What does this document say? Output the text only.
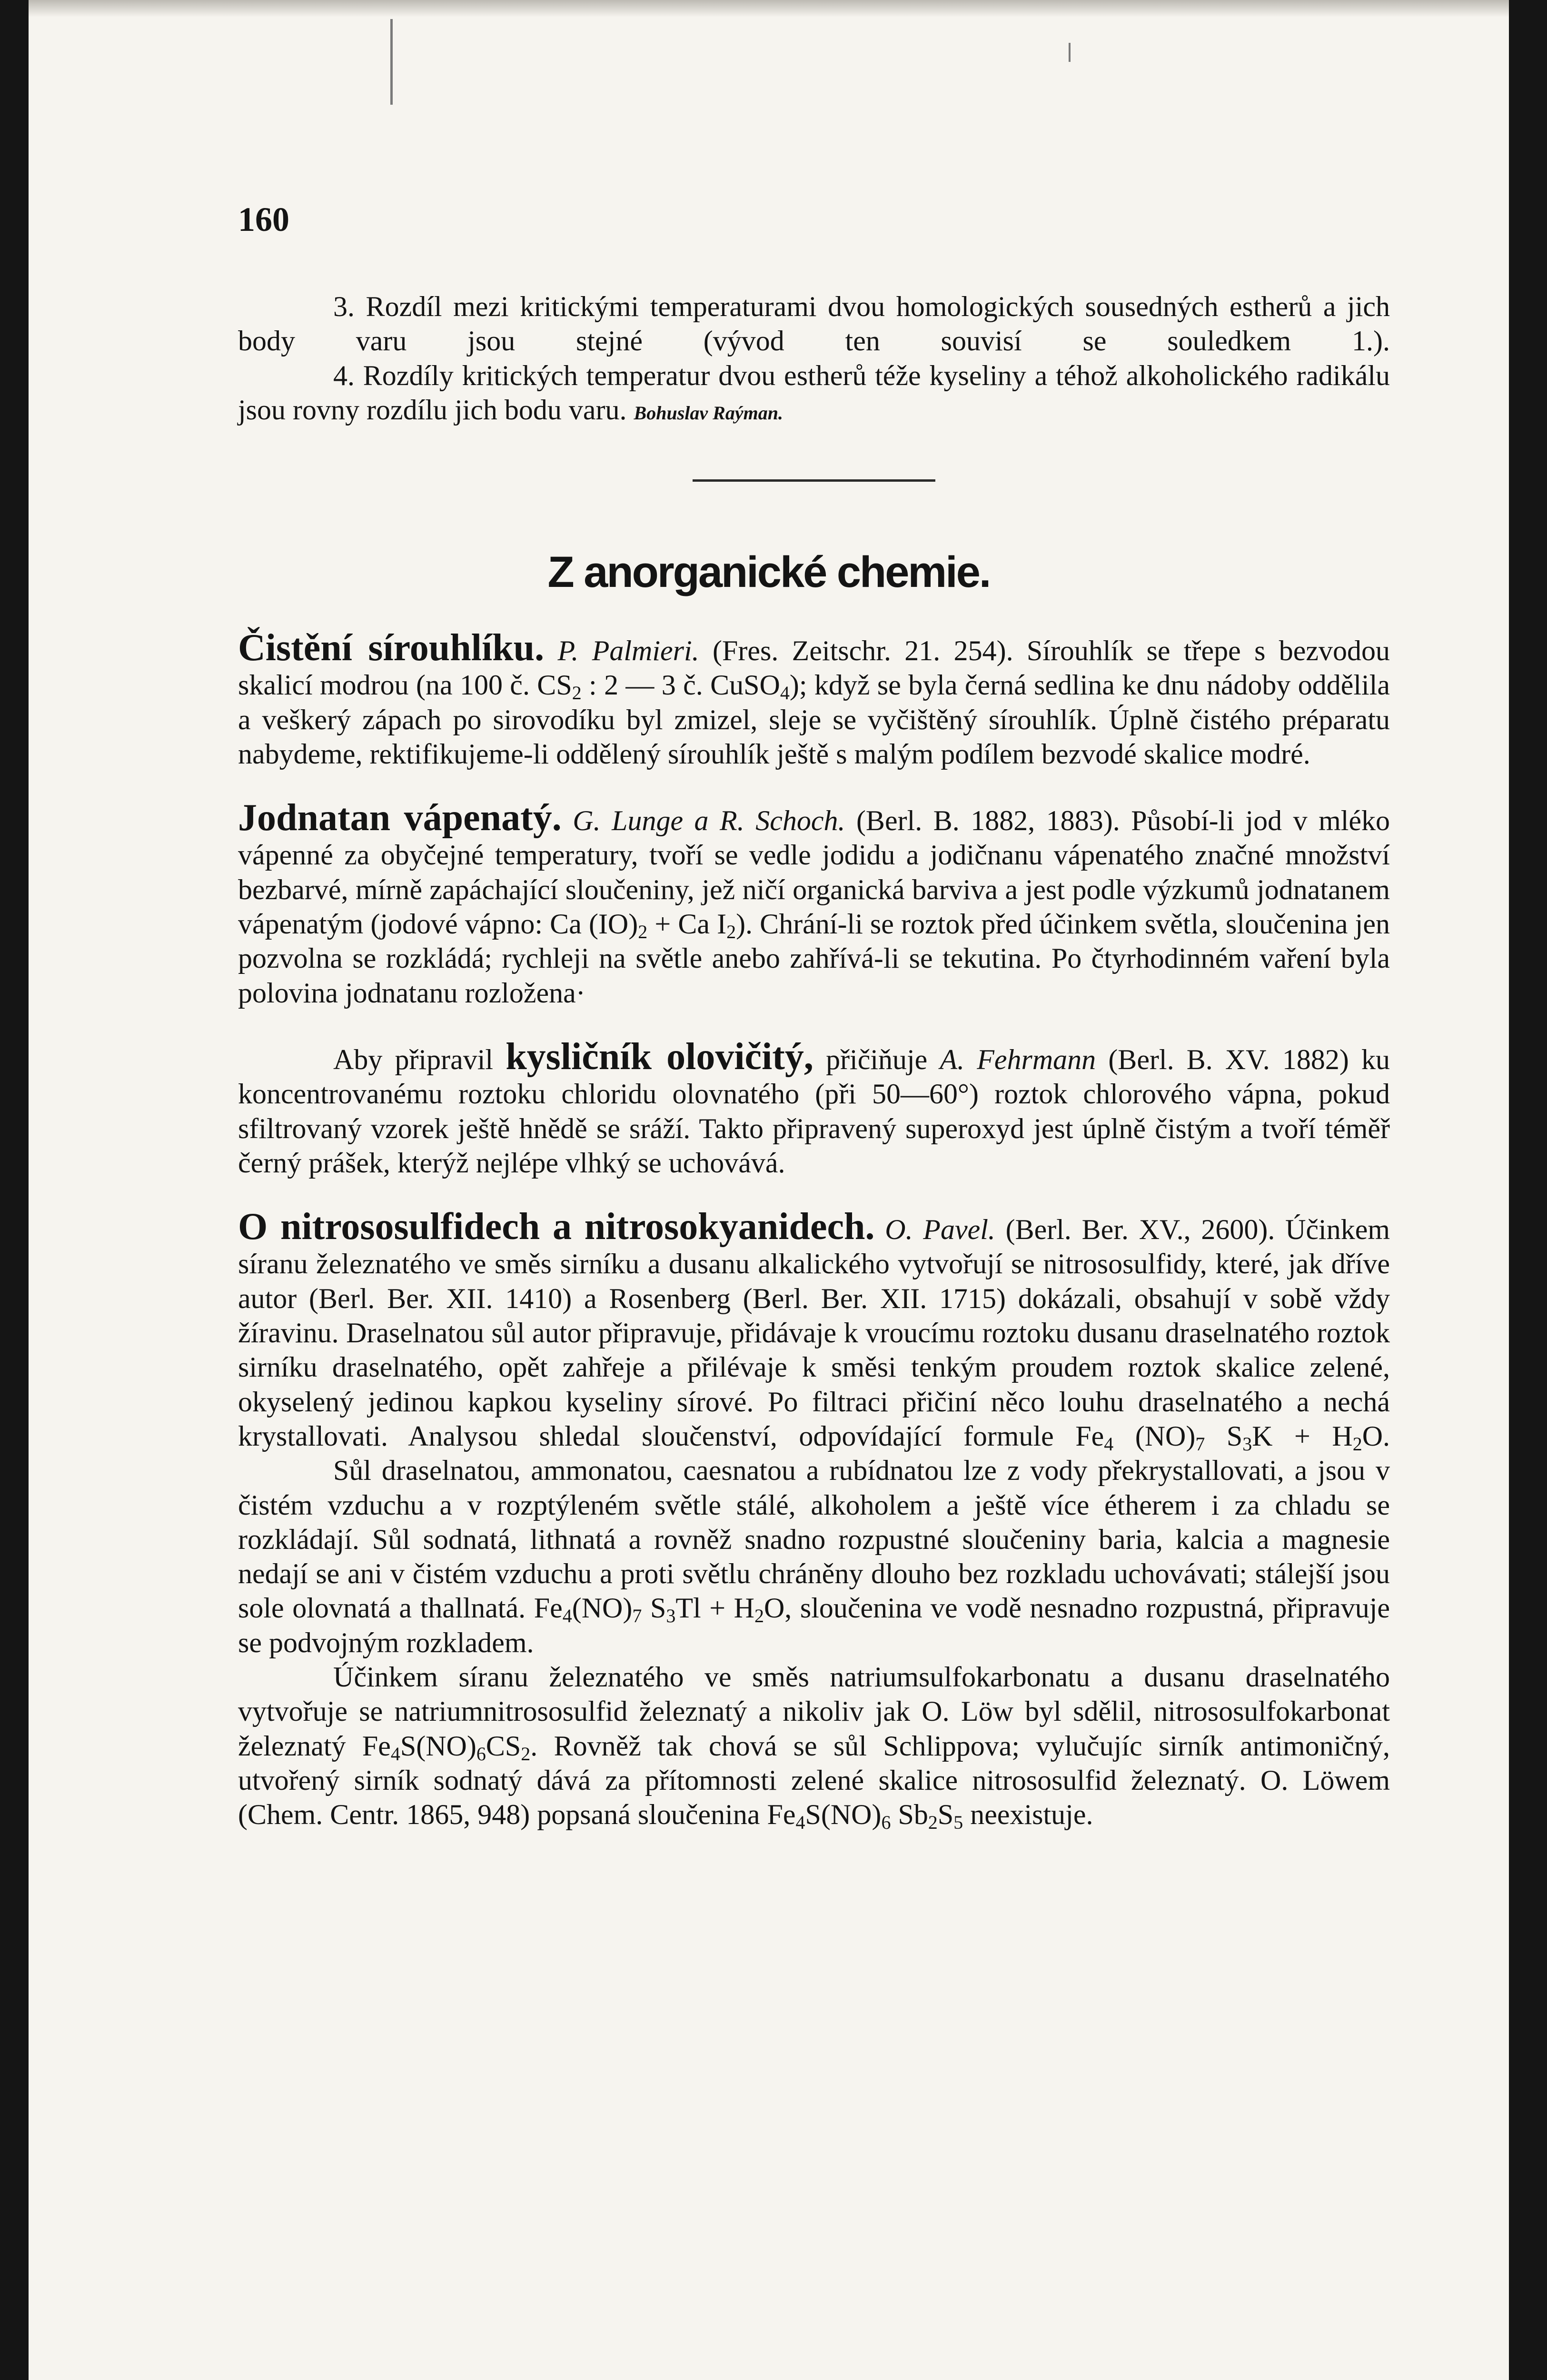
160

3. Rozdíl mezi kritickými temperaturami dvou homologických sousedných estherů a jich body varu jsou stejné (vývod ten souvisí se souledkem 1.).

4. Rozdíly kritických temperatur dvou estherů téže kyseliny a téhož alkoholického radikálu jsou rovny rozdílu jich bodu varu. Bohuslav Raýman.

Z anorganické chemie.

Čistění sírouhlíku. P. Palmieri. (Fres. Zeitschr. 21. 254). Sírouhlík se třepe s bezvodou skalicí modrou (na 100 č. $CS_2$ : 2 — 3 č. CuSO$_4$); když se byla černá sedlina ke dnu nádoby oddělila a veškerý zápach po sirovodíku byl zmizel, sleje se vyčištěný sírouhlík. Úplně čistého préparatu nabydeme, rektifikujeme-li oddělený sírouhlík ještě s malým podílem bezvodé skalice modré.

Jodnatan vápenatý. G. Lunge a R. Schoch. (Berl. B. 1882, 1883). Působí-li jod v mléko vápenné za obyčejné temperatury, tvoří se vedle jodidu a jodičnanu vápenatého značné množství bezbarvé, mírně zapáchající sloučeniny, jež ničí organická barviva a jest podle výzkumů jodnatanem vápenatým (jodové vápno: Ca $(IO)_2 + Ca$ $I_2$). Chrání-li se roztok před účinkem světla, sloučenina jen pozvolna se rozkládá; rychleji na světle anebo zahřívá-li se tekutina. Po čtyrhodinném vaření byla polovina jodnatanu rozložena·

Aby připravil kysličník olovičitý, přičiňuje A. Fehrmann (Berl. B. XV. 1882) ku koncentrovanému roztoku chloridu olovnatého (při 50—60°) roztok chlorového vápna, pokud sfiltrovaný vzorek ještě hnědě se sráží. Takto připravený superoxyd jest úplně čistým a tvoří téměř černý prášek, kterýž nejlépe vlhký se uchovává.

O nitrososulfidech a nitrosokyanidech. O. Pavel. (Berl. Ber. XV., 2600). Účinkem síranu železnatého ve směs sirníku a dusanu alkalického vytvořují se nitrososulfidy, které, jak dříve autor (Berl. Ber. XII. 1410) a Rosenberg (Berl. Ber. XII. 1715) dokázali, obsahují v sobě vždy žíravinu. Draselnatou sůl autor připravuje, přidávaje k vroucímu roztoku dusanu draselnatého roztok sirníku draselnatého, opět zahřeje a přilévaje k směsi tenkým proudem roztok skalice zelené, okyselený jedinou kapkou kyseliny sírové. Po filtraci přičiní něco louhu draselnatého a nechá krystallovati. Analysou shledal sloučenství, odpovídající formule $Fe_4$ $(NO)_7$ $S_3K + H_2O$.

Sůl draselnatou, ammonatou, caesnatou a rubídnatou lze z vody překrystallovati, a jsou v čistém vzduchu a v rozptýleném světle stálé, alkoholem a ještě více étherem i za chladu se rozkládají. Sůl sodnatá, lithnatá a rovněž snadno rozpustné sloučeniny baria, kalcia a magnesie nedají se ani v čistém vzduchu a proti světlu chráněny dlouho bez rozkladu uchovávati; stálejší jsou sole olovnatá a thallnatá. $Fe_4(NO)_7$ $S_3Tl + H_2O$, sloučenina ve vodě nesnadno rozpustná, připravuje se podvojným rozkladem.

Účinkem síranu železnatého ve směs natriumsulfokarbonatu a dusanu draselnatého vytvořuje se natriumnitrososulfid železnatý a nikoliv jak O. Löw byl sdělil, nitrososulfokarbonat železnatý $Fe_4S(NO)_6CS_2$. Rovněž tak chová se sůl Schlippova; vylučujíc sirník antimoničný, utvořený sirník sodnatý dává za přítomnosti zelené skalice nitrososulfid železnatý. O. Löwem (Chem. Centr. 1865, 948) popsaná sloučenina $Fe_4S(NO)_6$ $Sb_2S_5$ neexistuje.
